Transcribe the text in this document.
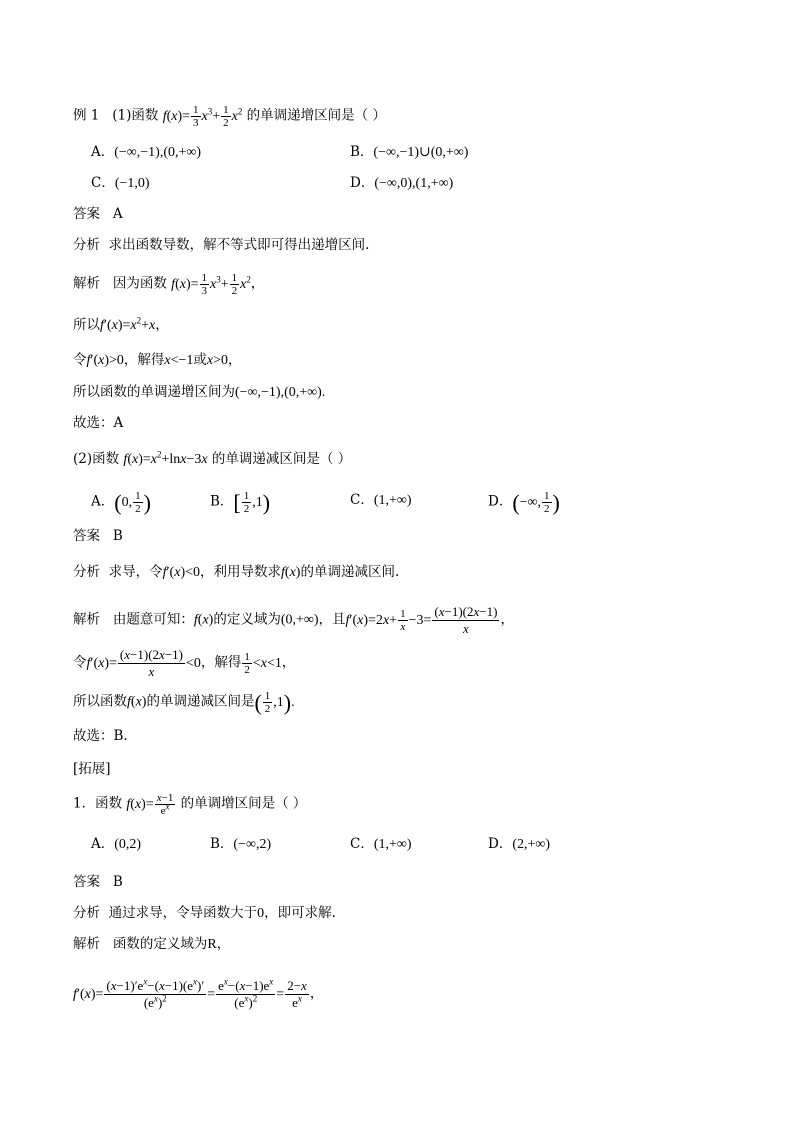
例 1 (1)函数 $f(x)= \frac{1}{3} x^3+ \frac{1}{2} x^2$ 的单调递增区间是（ ）
A．(−∞,−1),(0,+∞)	B．(−∞,−1)∪(0,+∞)
C．(−1,0)	D．(−∞,0),(1,+∞)
答案 A
分析 求出函数导数，解不等式即可得出递增区间.
解析 因为函数 $f(x)= \frac{1}{3} x^3+ \frac{1}{2} x^2$，
所以$f'(x)=x^2+x$，
令f′(x)>0，解得x<−1或x>0，
所以函数的单调递增区间为(−∞,−1),(0,+∞).
故选：A
(2)函数 $f(x)=x^2+\ln x-3x$ 的单调递减区间是（ ）
A．(0, $\frac{1}{2}$ )	B．[ $\frac{1}{2} ,1$)	C．(1,+∞)	D．(−∞, $\frac{1}{2}$ )
答案 B
分析 求导，令f′(x)<0，利用导数求f(x)的单调递减区间.
解析 由题意可知：f(x)的定义域为(0,+∞)，且$f'(x)=2x+ \frac{1}{x} -3= \frac{(x-1)(2x-1)}{x}$ ，
令$f'(x)= \frac{(x-1)(2x-1)}{x} <0$，解得 $\frac{1}{2} <x<1$，
所以函数f(x)的单调递减区间是( $\frac{1}{2} ,1$).
故选：B.
[拓展]
1．函数 $f(x)= \frac{x-1}{e^x}$ 的单调增区间是（ ）
A．(0,2)	B．(−∞,2)	C．(1,+∞)	D．(2,+∞)
答案 B
分析 通过求导，令导函数大于0，即可求解.
解析 函数的定义域为R，
$f'(x)= \frac{(x-1)'e^x-(x-1)(e^x)'}{(e^x)^2} = \frac{e^x-(x-1)e^x}{(e^x)^2} = \frac{2-x}{e^x}$ ，
